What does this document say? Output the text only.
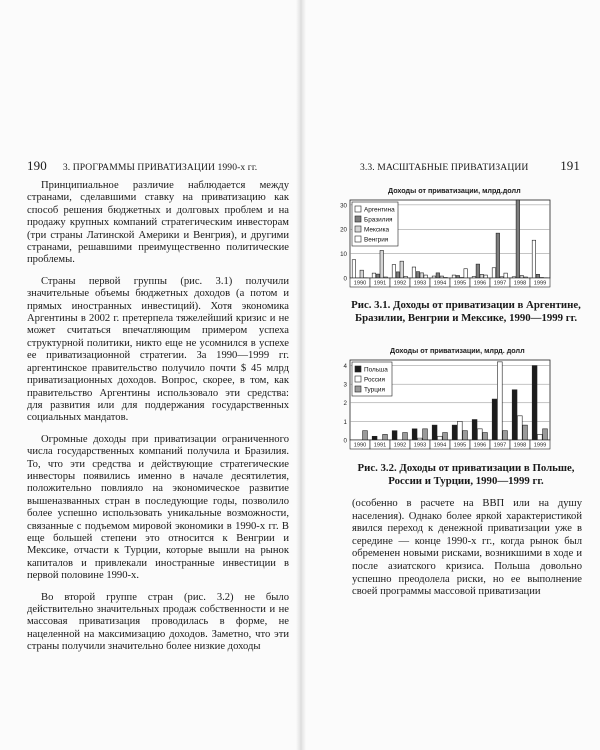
190 3. ПРОГРАММЫ ПРИВАТИЗАЦИИ 1990-х гг.	3.3. МАСШТАБНЫЕ ПРИВАТИЗАЦИИ	191

Принципиальное различие наблюдается между странами, сделавшими ставку на приватизацию как способ решения бюджетных и долговых проблем и на продажу крупных компаний стратегическим инвесторам (три страны Латинской Америки и Венгрия), и другими странами, решавшими преимущественно политические проблемы.

Страны первой группы (рис. 3.1) получили значительные объемы бюджетных доходов (а потом и прямых иностранных инвестиций). Хотя экономика Аргентины в 2002 г. претерпела тяжелейший кризис и не может считаться впечатляющим примером успеха структурной политики, никто еще не усомнился в успехе ее приватизационной стратегии. За 1990—1999 гг. аргентинское правительство получило почти $ 45 млрд приватизационных доходов. Вопрос, скорее, в том, как правительство Аргентины использовало эти средства: для развития или для поддержания государственных социальных мандатов.

Огромные доходы при приватизации ограниченного числа государственных компаний получила и Бразилия. То, что эти средства и действующие стратегические инвесторы появились именно в начале десятилетия, положительно повлияло на экономическое развитие вышеназванных стран в последующие годы, позволило более успешно использовать уникальные возможности, связанные с подъемом мировой экономики в 1990-х гг. В еще большей степени это относится к Венгрии и Мексике, отчасти к Турции, которые вышли на рынок капиталов и привлекали иностранные инвестиции в первой половине 1990-х.

Во второй группе стран (рис. 3.2) не было действительно значительных продаж собственности и не массовая приватизация проводилась в форме, не нацеленной на максимизацию доходов. Заметно, что эти страны получили значительно более низкие доходы

Доходы от приватизации, млрд.долл
0
10
20
30
1990 1991 1992 1993 1994 1995 1996 1997 1998 1999
Аргентина
Бразилия
Мексика
Венгрия
Рис. 3.1. Доходы от приватизации в Аргентине, Бразилии, Венгрии и Мексике, 1990—1999 гг.
Доходы от приватизации, млрд. долл
0
1
2
3
4
1990 1991 1992 1993 1994 1995 1996 1997 1998 1999
Польша
Россия
Турция
Рис. 3.2. Доходы от приватизации в Польше, России и Турции, 1990—1999 гг.

(особенно в расчете на ВВП или на душу населения). Однако более яркой характеристикой явился переход к денежной приватизации уже в середине — конце 1990-х гг., когда рынок был обременен новыми рисками, возникшими в ходе и после азиатского кризиса. Польша довольно успешно преодолела риски, но ее выполнение своей программы массовой приватизации
